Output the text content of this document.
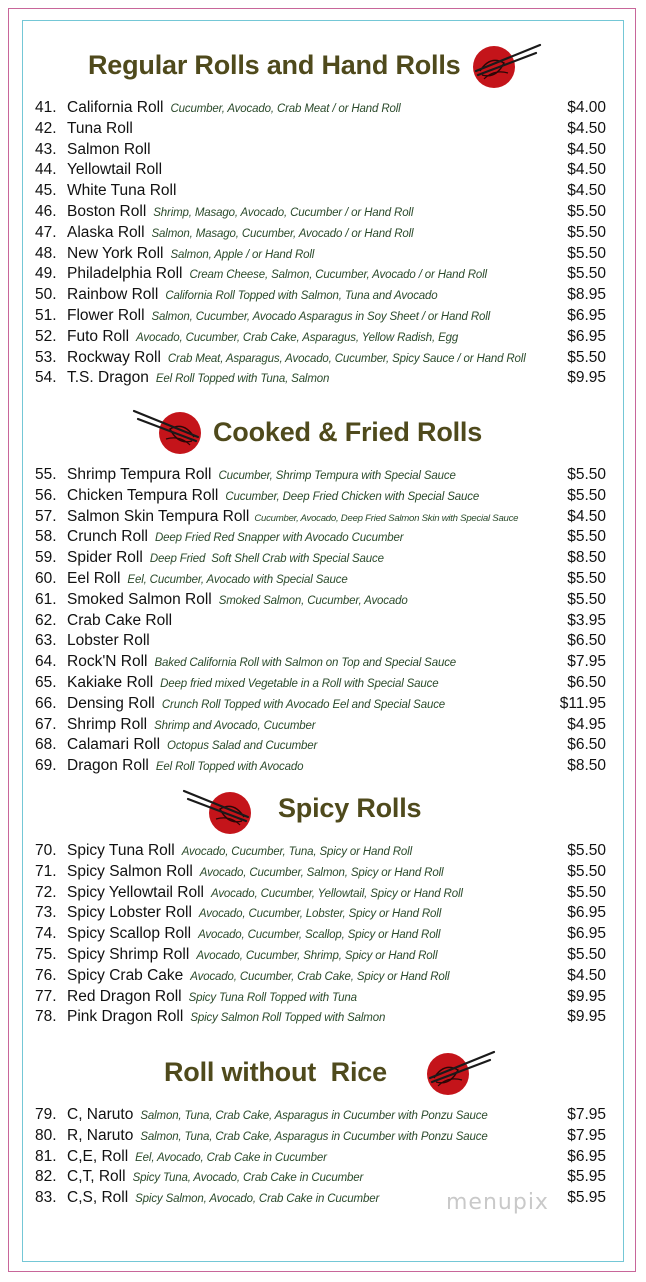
Regular Rolls and Hand Rolls
41. California Roll Cucumber, Avocado, Crab Meat / or Hand Roll	$4.00
42. Tuna Roll	$4.50
43. Salmon Roll	$4.50
44. Yellowtail Roll	$4.50
45. White Tuna Roll	$4.50
46. Boston Roll Shrimp, Masago, Avocado, Cucumber / or Hand Roll	$5.50
47. Alaska Roll Salmon, Masago, Cucumber, Avocado / or Hand Roll	$5.50
48. New York Roll Salmon, Apple / or Hand Roll	$5.50
49. Philadelphia Roll Cream Cheese, Salmon, Cucumber, Avocado / or Hand Roll	$5.50
50. Rainbow Roll California Roll Topped with Salmon, Tuna and Avocado	$8.95
51. Flower Roll Salmon, Cucumber, Avocado Asparagus in Soy Sheet / or Hand Roll	$6.95
52. Futo Roll Avocado, Cucumber, Crab Cake, Asparagus, Yellow Radish, Egg	$6.95
53. Rockway Roll Crab Meat, Asparagus, Avocado, Cucumber, Spicy Sauce / or Hand Roll	$5.50
54. T.S. Dragon Eel Roll Topped with Tuna, Salmon	$9.95
Cooked & Fried Rolls
55. Shrimp Tempura Roll Cucumber, Shrimp Tempura with Special Sauce	$5.50
56. Chicken Tempura Roll Cucumber, Deep Fried Chicken with Special Sauce	$5.50
57. Salmon Skin Tempura Roll Cucumber, Avocado, Deep Fried Salmon Skin with Special Sauce	$4.50
58. Crunch Roll Deep Fried Red Snapper with Avocado Cucumber	$5.50
59. Spider Roll Deep Fried  Soft Shell Crab with Special Sauce	$8.50
60. Eel Roll Eel, Cucumber, Avocado with Special Sauce	$5.50
61. Smoked Salmon Roll Smoked Salmon, Cucumber, Avocado	$5.50
62. Crab Cake Roll	$3.95
63. Lobster Roll	$6.50
64. Rock'N Roll Baked California Roll with Salmon on Top and Special Sauce	$7.95
65. Kakiake Roll Deep fried mixed Vegetable in a Roll with Special Sauce	$6.50
66. Densing Roll Crunch Roll Topped with Avocado Eel and Special Sauce	$11.95
67. Shrimp Roll Shrimp and Avocado, Cucumber	$4.95
68. Calamari Roll Octopus Salad and Cucumber	$6.50
69. Dragon Roll Eel Roll Topped with Avocado	$8.50
Spicy Rolls
70. Spicy Tuna Roll Avocado, Cucumber, Tuna, Spicy or Hand Roll	$5.50
71. Spicy Salmon Roll Avocado, Cucumber, Salmon, Spicy or Hand Roll	$5.50
72. Spicy Yellowtail Roll Avocado, Cucumber, Yellowtail, Spicy or Hand Roll	$5.50
73. Spicy Lobster Roll Avocado, Cucumber, Lobster, Spicy or Hand Roll	$6.95
74. Spicy Scallop Roll Avocado, Cucumber, Scallop, Spicy or Hand Roll	$6.95
75. Spicy Shrimp Roll Avocado, Cucumber, Shrimp, Spicy or Hand Roll	$5.50
76. Spicy Crab Cake Avocado, Cucumber, Crab Cake, Spicy or Hand Roll	$4.50
77. Red Dragon Roll Spicy Tuna Roll Topped with Tuna	$9.95
78. Pink Dragon Roll Spicy Salmon Roll Topped with Salmon	$9.95
Roll without  Rice
79. C, Naruto Salmon, Tuna, Crab Cake, Asparagus in Cucumber with Ponzu Sauce	$7.95
80. R, Naruto Salmon, Tuna, Crab Cake, Asparagus in Cucumber with Ponzu Sauce	$7.95
81. C,E, Roll Eel, Avocado, Crab Cake in Cucumber	$6.95
82. C,T, Roll Spicy Tuna, Avocado, Crab Cake in Cucumber	$5.95
83. C,S, Roll Spicy Salmon, Avocado, Crab Cake in Cucumber	$5.95
menupix
